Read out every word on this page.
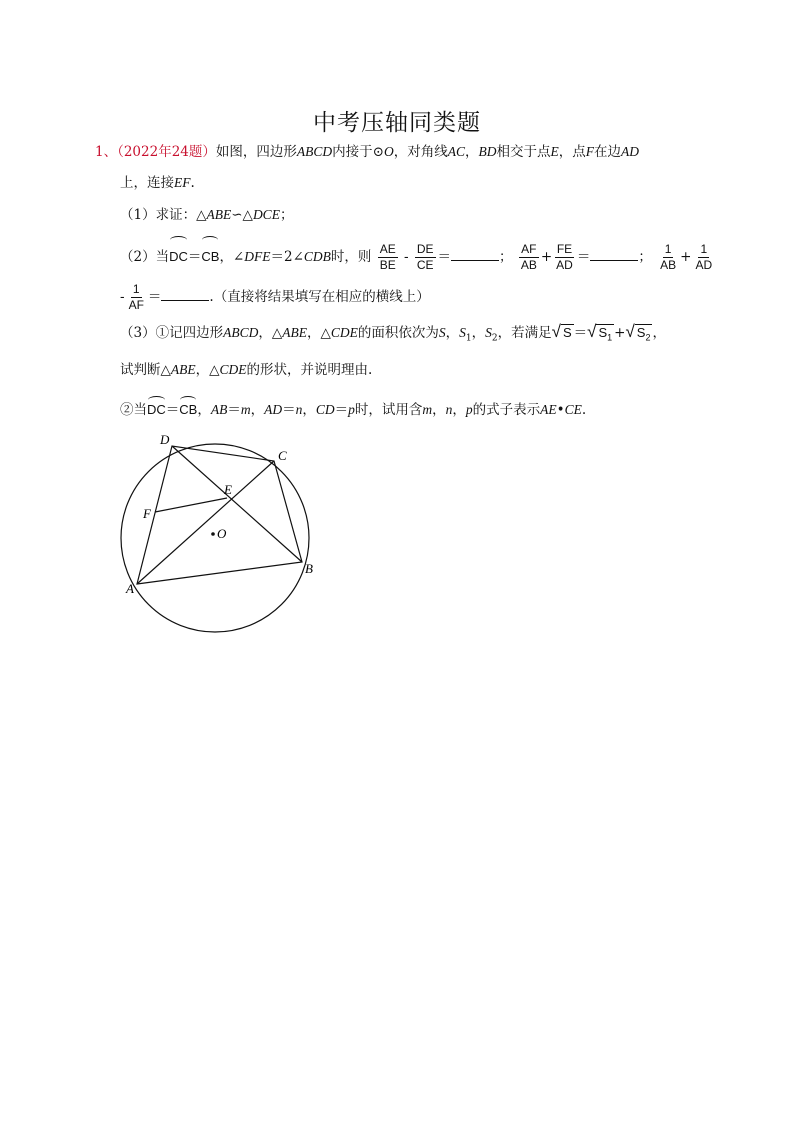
中考压轴同类题
1、（2022年24题）如图，四边形ABCD内接于⊙O，对角线AC，BD相交于点E，点F在边AD
上，连接EF.
（1）求证：△ABE∽△DCE；
（2）当DC＝CB，∠DFE＝2∠CDB时，则 $\frac{AE}{BE} - \frac{DE}{CE}$ ＝	； $\frac{AF}{AB} + \frac{FE}{AD}$ ＝	； $\frac{1}{AB} + \frac{1}{AD}$
- $\frac{1}{AF}$ ＝	.（直接将结果填写在相应的横线上）
（3）①记四边形ABCD，△ABE，△CDE的面积依次为S，$S_1$，$S_2$，若满足√ S ＝√ $S_1$ +√ $S_2$ ，
试判断△ABE，△CDE的形状，并说明理由.
②当DC＝CB，AB＝m，AD＝n，CD＝p时，试用含m，n，p的式子表示AE•CE.
D
C
E
F
O
B
A
